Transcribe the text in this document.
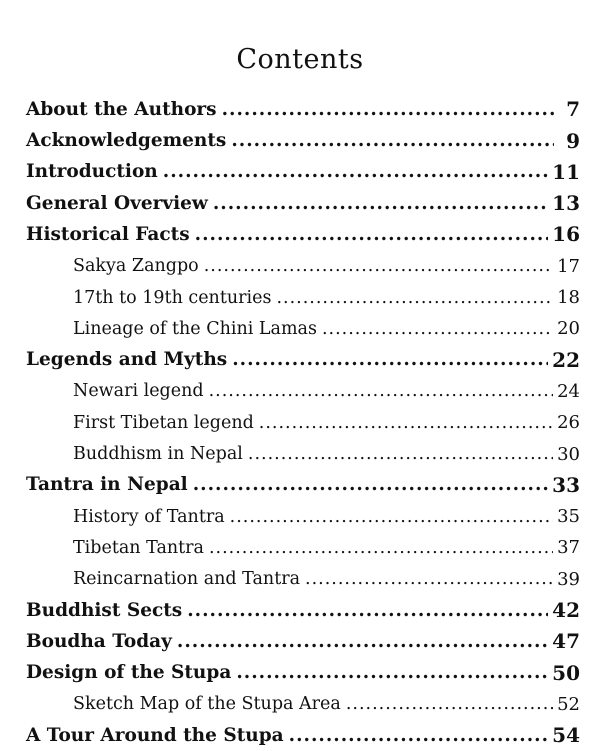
Contents
About the Authors .....	7
Acknowledgements .....	9
Introduction .....	11
General Overview .....	13
Historical Facts .....	16
Sakya Zangpo .....	17
17th to 19th centuries .....	18
Lineage of the Chini Lamas .....	20
Legends and Myths .....	22
Newari legend .....	24
First Tibetan legend .....	26
Buddhism in Nepal .....	30
Tantra in Nepal .....	33
History of Tantra .....	35
Tibetan Tantra .....	37
Reincarnation and Tantra .....	39
Buddhist Sects .....	42
Boudha Today .....	47
Design of the Stupa .....	50
Sketch Map of the Stupa Area .....	52
A Tour Around the Stupa .....	54
